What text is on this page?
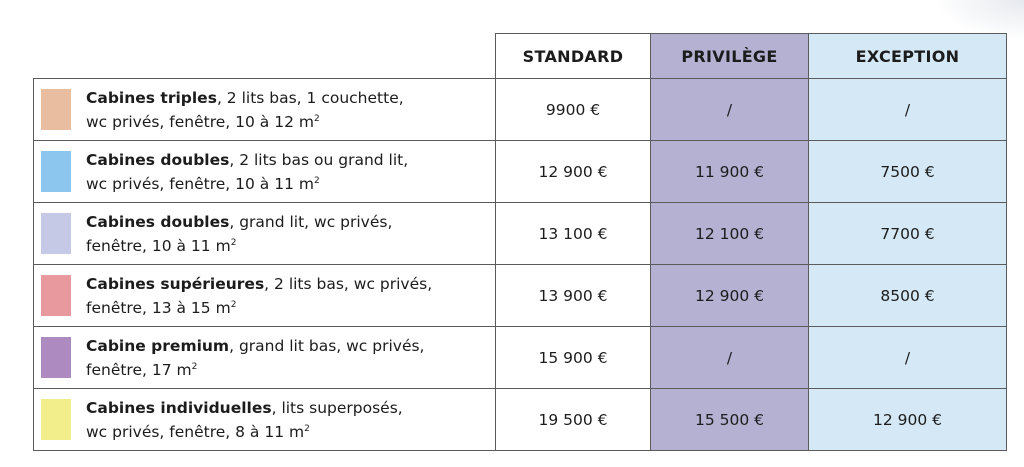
	STANDARD	PRIVILÈGE	EXCEPTION

Cabines triples, 2 lits bas, 1 couchette,
wc privés, fenêtre, 10 à 12 $m^2$	9900 €	/	/

Cabines doubles, 2 lits bas ou grand lit,
wc privés, fenêtre, 10 à 11 $m^2$	12 900 €	11 900 €	7500 €

Cabines doubles, grand lit, wc privés,
fenêtre, 10 à 11 $m^2$	13 100 €	12 100 €	7700 €

Cabines supérieures, 2 lits bas, wc privés,
fenêtre, 13 à 15 $m^2$	13 900 €	12 900 €	8500 €

Cabine premium, grand lit bas, wc privés,
fenêtre, 17 $m^2$	15 900 €	/	/

Cabines individuelles, lits superposés,
wc privés, fenêtre, 8 à 11 $m^2$	19 500 €	15 500 €	12 900 €
